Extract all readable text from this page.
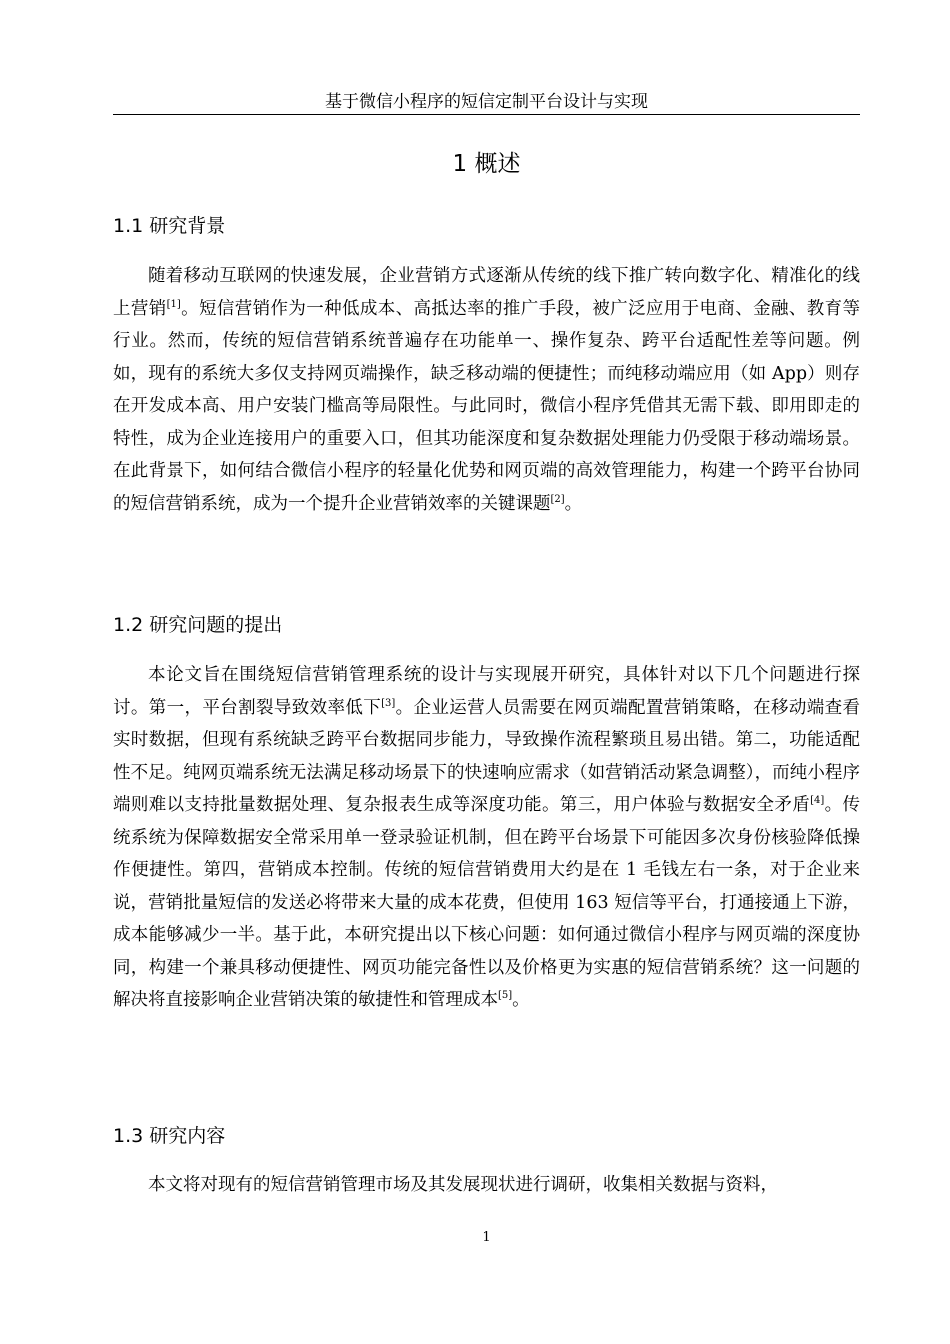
基于微信小程序的短信定制平台设计与实现
1 概述
1.1 研究背景

随着移动互联网的快速发展，企业营销方式逐渐从传统的线下推广转向数字化、精准化的线上营销[1]。短信营销作为一种低成本、高抵达率的推广手段，被广泛应用于电商、金融、教育等行业。然而，传统的短信营销系统普遍存在功能单一、操作复杂、跨平台适配性差等问题。例如，现有的系统大多仅支持网页端操作，缺乏移动端的便捷性；而纯移动端应用（如 App）则存在开发成本高、用户安装门槛高等局限性。与此同时，微信小程序凭借其无需下载、即用即走的特性，成为企业连接用户的重要入口，但其功能深度和复杂数据处理能力仍受限于移动端场景。在此背景下，如何结合微信小程序的轻量化优势和网页端的高效管理能力，构建一个跨平台协同的短信营销系统，成为一个提升企业营销效率的关键课题[2]。

1.2 研究问题的提出

本论文旨在围绕短信营销管理系统的设计与实现展开研究，具体针对以下几个问题进行探讨。第一，平台割裂导致效率低下[3]。企业运营人员需要在网页端配置营销策略，在移动端查看实时数据，但现有系统缺乏跨平台数据同步能力，导致操作流程繁琐且易出错。第二，功能适配性不足。纯网页端系统无法满足移动场景下的快速响应需求（如营销活动紧急调整），而纯小程序端则难以支持批量数据处理、复杂报表生成等深度功能。第三，用户体验与数据安全矛盾[4]。传统系统为保障数据安全常采用单一登录验证机制，但在跨平台场景下可能因多次身份核验降低操作便捷性。第四，营销成本控制。传统的短信营销费用大约是在 1 毛钱左右一条，对于企业来说，营销批量短信的发送必将带来大量的成本花费，但使用 163 短信等平台，打通接通上下游，成本能够减少一半。基于此，本研究提出以下核心问题：如何通过微信小程序与网页端的深度协同，构建一个兼具移动便捷性、网页功能完备性以及价格更为实惠的短信营销系统？这一问题的解决将直接影响企业营销决策的敏捷性和管理成本[5]。

1.3 研究内容

本文将对现有的短信营销管理市场及其发展现状进行调研，收集相关数据与资料，

1
